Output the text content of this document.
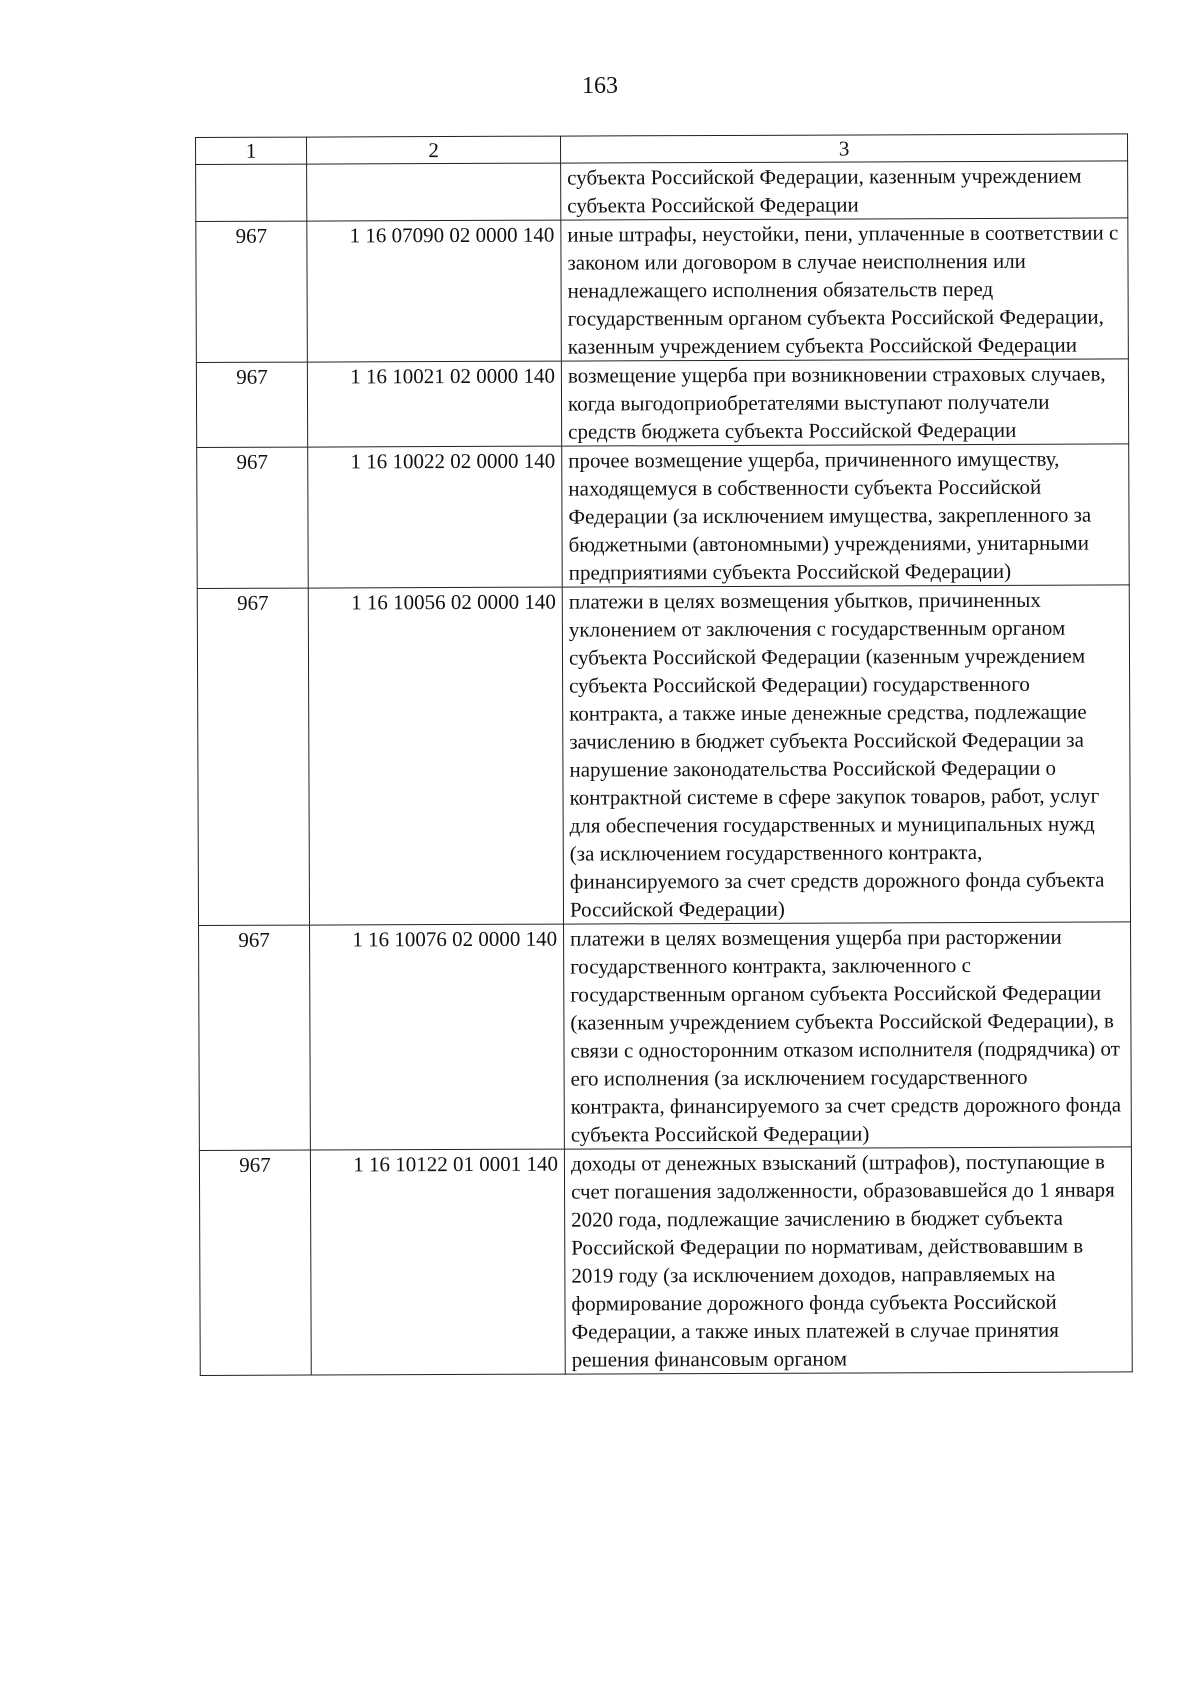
163
1	2	3
		субъекта Российской Федерации, казенным учреждением субъекта Российской Федерации
967	1 16 07090 02 0000 140	иные штрафы, неустойки, пени, уплаченные в соответствии с законом или договором в случае неисполнения или ненадлежащего исполнения обязательств перед государственным органом субъекта Российской Федерации, казенным учреждением субъекта Российской Федерации
967	1 16 10021 02 0000 140	возмещение ущерба при возникновении страховых случаев, когда выгодоприобретателями выступают получатели средств бюджета субъекта Российской Федерации
967	1 16 10022 02 0000 140	прочее возмещение ущерба, причиненного имуществу, находящемуся в собственности субъекта Российской Федерации (за исключением имущества, закрепленного за бюджетными (автономными) учреждениями, унитарными предприятиями субъекта Российской Федерации)
967	1 16 10056 02 0000 140	платежи в целях возмещения убытков, причиненных уклонением от заключения с государственным органом субъекта Российской Федерации (казенным учреждением субъекта Российской Федерации) государственного контракта, а также иные денежные средства, подлежащие зачислению в бюджет субъекта Российской Федерации за нарушение законодательства Российской Федерации о контрактной системе в сфере закупок товаров, работ, услуг для обеспечения государственных и муниципальных нужд (за исключением государственного контракта, финансируемого за счет средств дорожного фонда субъекта Российской Федерации)
967	1 16 10076 02 0000 140	платежи в целях возмещения ущерба при расторжении государственного контракта, заключенного с государственным органом субъекта Российской Федерации (казенным учреждением субъекта Российской Федерации), в связи с односторонним отказом исполнителя (подрядчика) от его исполнения (за исключением государственного контракта, финансируемого за счет средств дорожного фонда субъекта Российской Федерации)
967	1 16 10122 01 0001 140	доходы от денежных взысканий (штрафов), поступающие в счет погашения задолженности, образовавшейся до 1 января 2020 года, подлежащие зачислению в бюджет субъекта Российской Федерации по нормативам, действовавшим в 2019 году (за исключением доходов, направляемых на формирование дорожного фонда субъекта Российской Федерации, а также иных платежей в случае принятия решения финансовым органом
